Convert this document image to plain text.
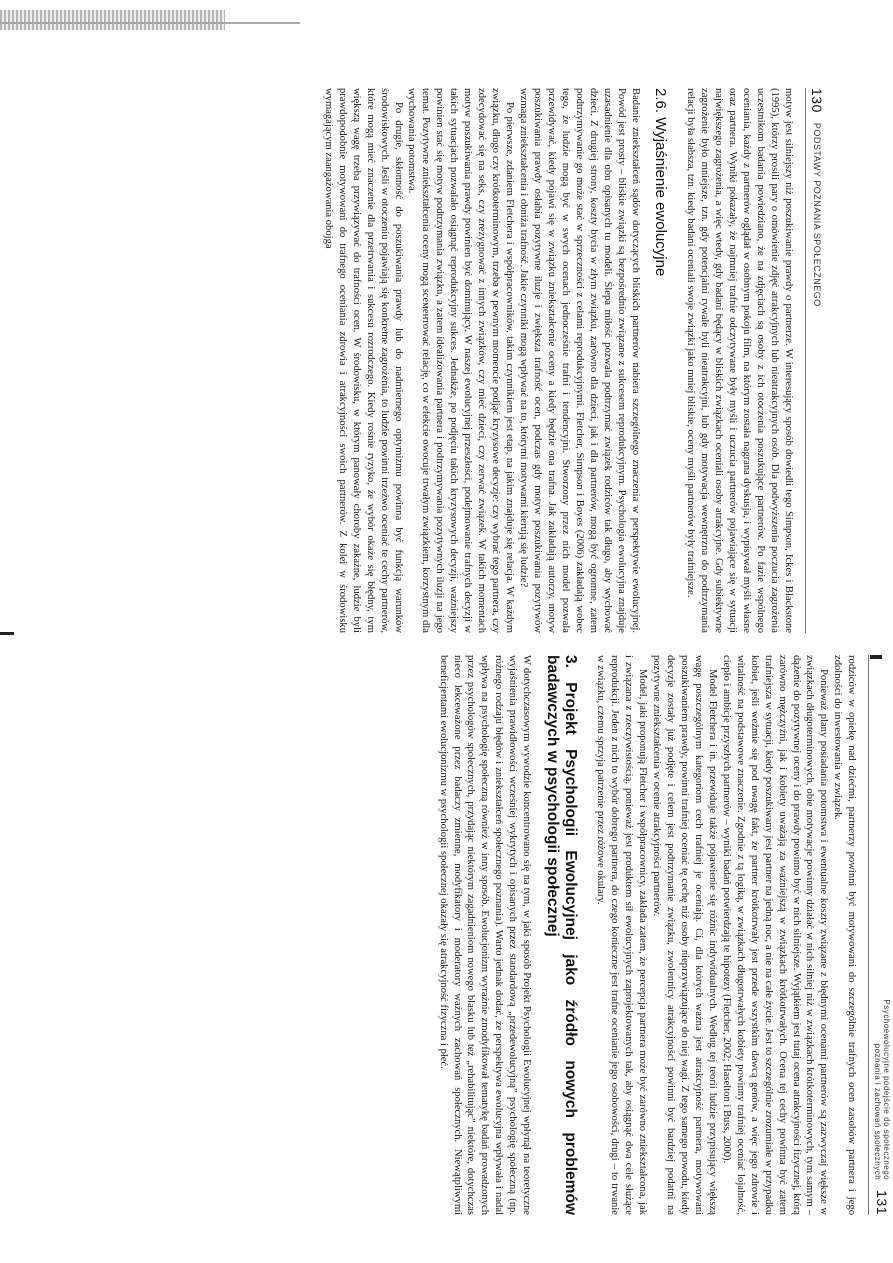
130
PODSTAWY POZNANIA SPOŁECZNEGO

motyw jest silniejszy niż poszukiwanie prawdy o partnerze. W interesujący sposób dowiedli tego Simpson, Ickes i Blackstone (1995), którzy prosili pary o omówienie zdjęć atrakcyjnych lub nieatrakcyjnych osób. Dla podwyższenia poczucia zagrożenia uczestnikom badania powiedziano, że na zdjęciach są osoby z ich otoczenia poszukujące partnerów. Po fazie wspólnego oceniania, każdy z partnerów oglądał w osobnym pokoju film, na którym została nagrana dyskusja, i wypisywał myśli własne oraz partnera. Wyniki pokazały, że najmniej trafnie odczytywane były myśli i uczucia partnerów pojawiające się w sytuacji największego zagrożenia, a więc wtedy, gdy badani będący w bliskich związkach oceniali osoby atrakcyjne. Gdy subiektywne zagrożenie było mniejsze, tzn. gdy potencjalni rywale byli nieatrakcyjni, lub gdy motywacja wewnętrzna do podtrzymania relacji była słabsza, tzn. kiedy badani oceniali swoje związki jako mniej bliskie, oceny myśli partnerów były trafniejsze.

2.6. Wyjaśnienie ewolucyjne

Badanie zniekształceń sądów dotyczących bliskich partnerów nabiera szczególnego znaczenia w perspektywie ewolucyjnej. Powód jest prosty – bliskie związki są bezpośrednio związane z sukcesem reprodukcyjnym. Psychologia ewolucyjna znajduje uzasadnienie dla obu opisanych tu modeli. Ślepa miłość pozwala podtrzymać związek rodziców tak długo, aby wychować dzieci. Z drugiej strony, koszty bycia w złym związku, zarówno dla dzieci, jak i dla partnerów, mogą być ogromne, zatem podtrzymywanie go może stać w sprzeczności z celami reprodukcyjnymi. Fletcher, Simpson i Boyes (2006) zakładają wobec tego, że ludzie mogą być w swych ocenach jednocześnie trafni i tendencyjni. Stworzony przez nich model pozwala przewidywać, kiedy pojawi się w związku zniekształcenie oceny a kiedy będzie ona trafna. Jak zakładają autorzy, motyw poszukiwania prawdy osłabia pozytywne iluzje i zwiększa trafność ocen, podczas gdy motyw poszukiwania pozytywów wzmaga zniekształcenia i obniża trafność. Jakie czynniki mogą wpływać na to, którymi motywami kierują się ludzie?

Po pierwsze, zdaniem Fletchera i współpracowników, takim czynnikiem jest etap, na jakim znajduje się relacja. W każdym związku, długo czy krótkoterminowym, trzeba w pewnym momencie podjąć kryzysowe decyzje: czy wybrać tego partnera, czy zdecydować się na seks, czy zrezygnować z innych związków, czy mieć dzieci, czy zerwać związek. W takich momentach motyw poszukiwania prawdy powinien być dominujący. W naszej ewolucyjnej przeszłości, podejmowanie trafnych decyzji w takich sytuacjach pozwalało osiągnąć reprodukcyjny sukces. Jednakże, po podjęciu takich kryzysowych decyzji, ważniejszy powinien stać się motyw podtrzymania związku, a zatem idealizowania partnera i podtrzymywania pozytywnych iluzji na jego temat. Pozytywne zniekształcenia oceny mogą sceментować relację, co w efekcie owocuje trwałym związkiem, korzystnym dla wychowania potomstwa.

Po drugie, skłonność do poszukiwania prawdy lub do nadmiernego optymizmu powinna być funkcją warunków środowiskowych. Jeśli w otoczeniu pojawiają się konkretne zagrożenia, to ludzie powinni trzeźwo oceniać te cechy partnerów, które mogą mieć znaczenie dla przetrwania i sukcesu rozrodczego. Kiedy rośnie ryzyko, że wybór okaże się błędny, tym większą wagę trzeba przywiązywać do trafności ocen. W środowisku, w którym panowały choroby zakaźne, ludzie byli prawdopodobnie motywowani do trafnego oceniania zdrowia i atrakcyjności swoich partnerów. Z kolei w środowisku wymagającym zaangażowania obojga

Psychoewolucyjne podejście do społecznego
poznania i zachowań społecznych
131

rodziców w opiekę nad dziećmi, partnerzy powinni być motywowani do szczególnie trafnych ocen zasobów partnera i jego zdolności do inwestowania w związek.

Ponieważ plany posiadania potomstwa i ewentualne koszty związane z błędnymi ocenami partnerów są zazwyczaj większe w związkach długoterminowych, obie motywacje powinny działać w nich silniej niż w związkach krótkoterminowych, tym samym – dążenie do pozytywnej oceny i do prawdy powinno być w nich silniejsze. Wyjątkiem jest tutaj ocena atrakcyjności fizycznej, którą zarówno mężczyźni, jak i kobiety uważają za ważniejszą w związkach krótkotrwałych. Ocena tej cechy powinna być zatem trafniejsza w sytuacji, kiedy poszukiwany jest partner na jedną noc, a nie na całe życie. Jest to szczególnie zrozumiałe w przypadku kobiet, jeśli weźmie się pod uwagę fakt, że partner krótkotrwały jest przede wszystkim dawcą genów, a więc jego zdrowie i witalność na podstawowe znaczenie. Zgodnie z tą logiką, w związkach długotrwałych kobiety powinny trafniej oceniać lojalność, ciepło i ambicje przyszłych partnerów – wyniki badań potwierdzają te hipotezy (Fletcher, 2002; Haselton i Buss, 2000).

Model Fletchera i in. przewiduje także pojawienie się różnic indywidualnych. Według tej teorii ludzie przypisujący większą wagę poszczególnym kategoriom cech trafniej je oceniają. Ci, dla których ważna jest atrakcyjność partnera, motywowani poszukiwaniem prawdy, powinni trafniej oceniać tę cechę niż osoby nieprzywiązujące do niej wagi. Z tego samego powodu, kiedy decyzje zostały już podjęte i celem jest podtrzymanie związku, zwolennicy atrakcyjności powinni być bardziej podatni na pozytywne zniekształcenia w ocenie atrakcyjności partnerów.

Model, jaki proponują Fletcher i współpracownicy, zakłada zatem, że percepcja partnera może być zarówno zniekształcona, jak i związana z rzeczywistością, ponieważ jest produktem sił ewolucyjnych zaprojektowanych tak, aby osiągnąć dwa cele służące reprodukcji. Jeden z nich to wybór dobrego partnera, do czego konieczne jest trafne ocenianie jego osobowości, drugi – to trwanie w związku, czemu sprzyja patrzenie przez różowe okulary.

3. Projekt Psychologii Ewolucyjnej jako źródło nowych problemów badawczych w psychologii społecznej

W dotychczasowym wywodzie koncentrowano się na tym, w jaki sposób Projekt Psychologii Ewolucyjnej wpłynął na teoretyczne wyjaśnienia prawidłowości wcześniej wykrytych i opisanych przez standardową „przedewolucyjną” psychologię społeczną (np. różnego rodzaju błędów i zniekształceń społecznego poznania). Warto jednak dodać, że perspektywa ewolucyjna wpływała i nadal wpływa na psychologię społeczną również w inny sposób. Ewolucjonizm wyraźnie zmodyfikował tematykę badań prowadzonych przez psychologów społecznych, przydając niektórym zagadnieniom nowego blasku lub też „rehabilitując” niektóre, dotychczas nieco lekceważone przez badaczy zmienne, modyfikatory i moderatory ważnych zachowań społecznych. Niewątpliwymi beneficjentami ewolucjonizmu w psychologii społecznej okazały się atrakcyjność fizyczna i płeć.
